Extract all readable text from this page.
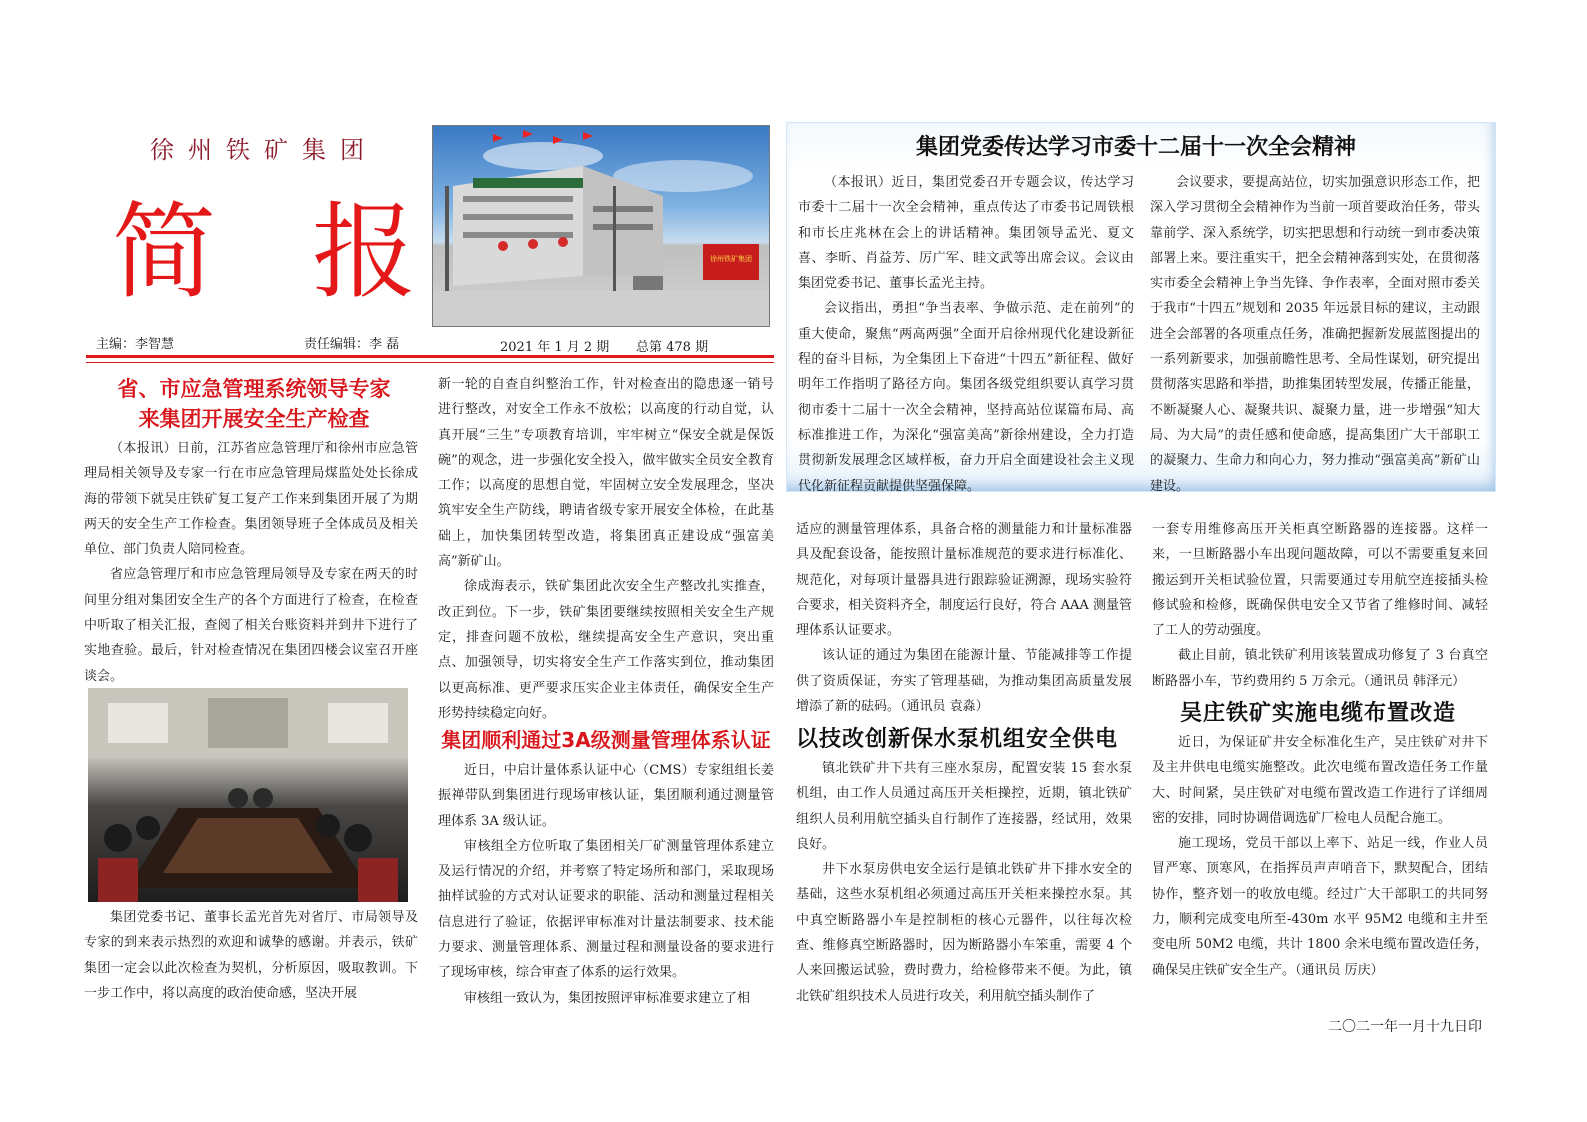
徐州铁矿集团
简 报
主编：李智慧	责任编辑：李 磊	2021 年 1 月 2 期 总第 478 期
徐州铁矿集团
省、市应急管理系统领导专家
来集团开展安全生产检查

（本报讯）日前，江苏省应急管理厅和徐州市应急管理局相关领导及专家一行在市应急管理局煤监处处长徐成海的带领下就吴庄铁矿复工复产工作来到集团开展了为期两天的安全生产工作检查。集团领导班子全体成员及相关单位、部门负责人陪同检查。

省应急管理厅和市应急管理局领导及专家在两天的时间里分组对集团安全生产的各个方面进行了检查，在检查中听取了相关汇报，查阅了相关台账资料并到井下进行了实地查验。最后，针对检查情况在集团四楼会议室召开座谈会。

集团党委书记、董事长孟光首先对省厅、市局领导及专家的到来表示热烈的欢迎和诚挚的感谢。并表示，铁矿集团一定会以此次检查为契机，分析原因，吸取教训。下一步工作中，将以高度的政治使命感，坚决开展

新一轮的自查自纠整治工作，针对检查出的隐患逐一销号进行整改，对安全工作永不放松；以高度的行动自觉，认真开展“三生”专项教育培训，牢牢树立“保安全就是保饭碗”的观念，进一步强化安全投入，做牢做实全员安全教育工作；以高度的思想自觉，牢固树立安全发展理念，坚决筑牢安全生产防线，聘请省级专家开展安全体检，在此基础上，加快集团转型改造，将集团真正建设成“强富美高”新矿山。

徐成海表示，铁矿集团此次安全生产整改扎实推查，改正到位。下一步，铁矿集团要继续按照相关安全生产规定，排查问题不放松，继续提高安全生产意识，突出重点、加强领导，切实将安全生产工作落实到位，推动集团以更高标准、更严要求压实企业主体责任，确保安全生产形势持续稳定向好。

集团顺利通过3A级测量管理体系认证

近日，中启计量体系认证中心（CMS）专家组组长姜振禅带队到集团进行现场审核认证，集团顺利通过测量管理体系 3A 级认证。

审核组全方位听取了集团相关厂矿测量管理体系建立及运行情况的介绍，并考察了特定场所和部门，采取现场抽样试验的方式对认证要求的职能、活动和测量过程相关信息进行了验证，依据评审标准对计量法制要求、技术能力要求、测量管理体系、测量过程和测量设备的要求进行了现场审核，综合审查了体系的运行效果。

审核组一致认为，集团按照评审标准要求建立了相

适应的测量管理体系，具备合格的测量能力和计量标准器具及配套设备，能按照计量标准规范的要求进行标准化、规范化，对每项计量器具进行跟踪验证溯源，现场实验符合要求，相关资料齐全，制度运行良好，符合 AAA 测量管理体系认证要求。

该认证的通过为集团在能源计量、节能减排等工作提供了资质保证，夯实了管理基础，为推动集团高质量发展增添了新的砝码。（通讯员 袁淼）

集团党委传达学习市委十二届十一次全会精神

（本报讯）近日，集团党委召开专题会议，传达学习市委十二届十一次全会精神，重点传达了市委书记周铁根和市长庄兆林在会上的讲话精神。集团领导孟光、夏文喜、李昕、肖益芳、厉广军、眭文武等出席会议。会议由集团党委书记、董事长孟光主持。

会议指出，勇担“争当表率、争做示范、走在前列”的重大使命，聚焦“两高两强”全面开启徐州现代化建设新征程的奋斗目标，为全集团上下奋进“十四五”新征程、做好明年工作指明了路径方向。集团各级党组织要认真学习贯彻市委十二届十一次全会精神，坚持高站位谋篇布局、高标准推进工作，为深化“强富美高”新徐州建设，全力打造贯彻新发展理念区域样板，奋力开启全面建设社会主义现代化新征程贡献提供坚强保障。

会议要求，要提高站位，切实加强意识形态工作，把深入学习贯彻全会精神作为当前一项首要政治任务，带头靠前学、深入系统学，切实把思想和行动统一到市委决策部署上来。要注重实干，把全会精神落到实处，在贯彻落实市委全会精神上争当先锋、争作表率，全面对照市委关于我市“十四五”规划和 2035 年远景目标的建议，主动跟进全会部署的各项重点任务，准确把握新发展蓝图提出的一系列新要求，加强前瞻性思考、全局性谋划，研究提出贯彻落实思路和举措，助推集团转型发展，传播正能量，不断凝聚人心、凝聚共识、凝聚力量，进一步增强“知大局、为大局”的责任感和使命感，提高集团广大干部职工的凝聚力、生命力和向心力，努力推动“强富美高”新矿山建设。

以技改创新保水泵机组安全供电

镇北铁矿井下共有三座水泵房，配置安装 15 套水泵机组，由工作人员通过高压开关柜操控，近期，镇北铁矿组织人员利用航空插头自行制作了连接器，经试用，效果良好。

井下水泵房供电安全运行是镇北铁矿井下排水安全的基础，这些水泵机组必须通过高压开关柜来操控水泵。其中真空断路器小车是控制柜的核心元器件，以往每次检查、维修真空断路器时，因为断路器小车笨重，需要 4 个人来回搬运试验，费时费力，给检修带来不便。为此，镇北铁矿组织技术人员进行攻关，利用航空插头制作了

一套专用维修高压开关柜真空断路器的连接器。这样一来，一旦断路器小车出现问题故障，可以不需要重复来回搬运到开关柜试验位置，只需要通过专用航空连接插头检修试验和检修，既确保供电安全又节省了维修时间、减轻了工人的劳动强度。

截止目前，镇北铁矿利用该装置成功修复了 3 台真空断路器小车，节约费用约 5 万余元。（通讯员 韩泽元）

吴庄铁矿实施电缆布置改造

近日，为保证矿井安全标准化生产，吴庄铁矿对井下及主井供电电缆实施整改。此次电缆布置改造任务工作量大、时间紧，吴庄铁矿对电缆布置改造工作进行了详细周密的安排，同时协调借调选矿厂检电人员配合施工。

施工现场，党员干部以上率下、站足一线，作业人员冒严寒、顶寒风，在指挥员声声哨音下，默契配合，团结协作，整齐划一的收放电缆。经过广大干部职工的共同努力，顺利完成变电所至-430m 水平 95M2 电缆和主井至变电所 50M2 电缆，共计 1800 余米电缆布置改造任务，确保吴庄铁矿安全生产。（通讯员 厉庆）

二〇二一年一月十九日印
